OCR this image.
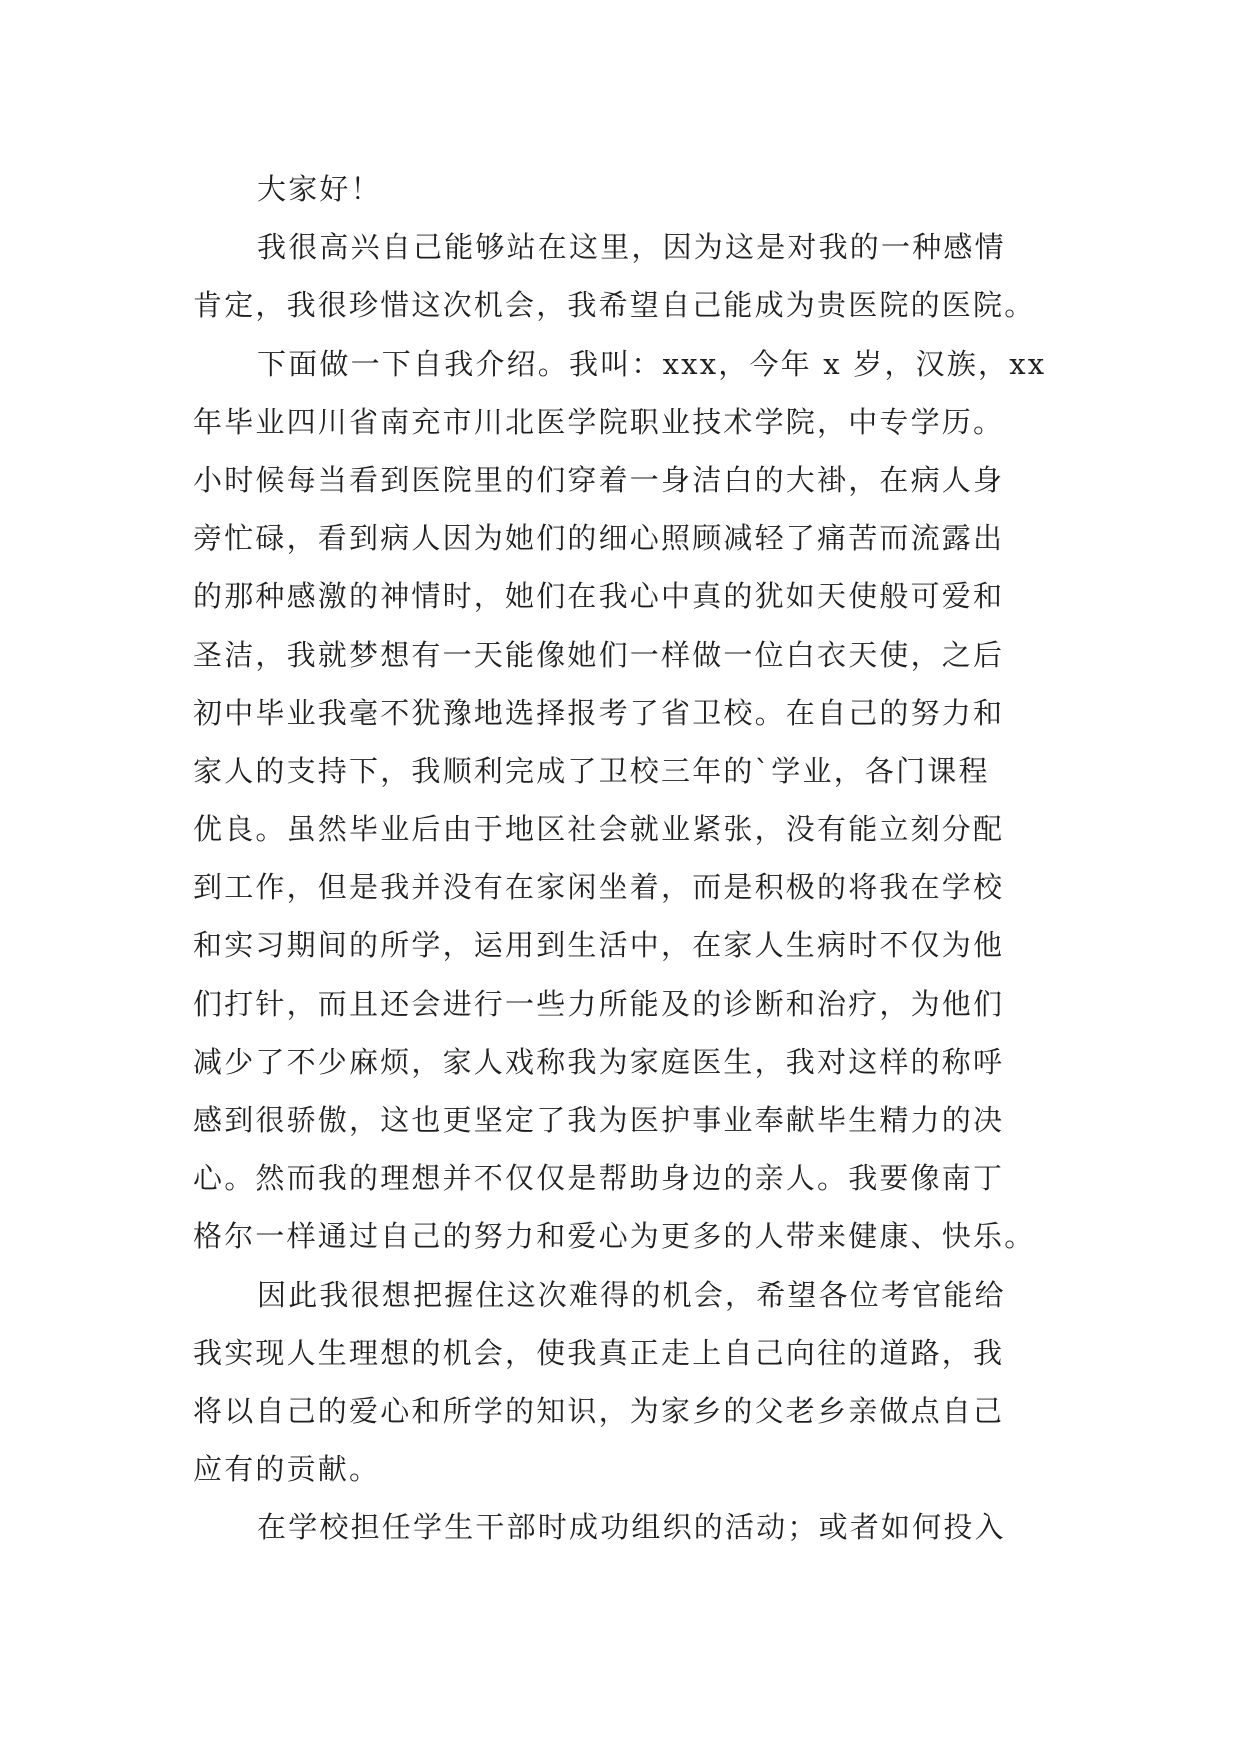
大家好！
我很高兴自己能够站在这里，因为这是对我的一种感情
肯定，我很珍惜这次机会，我希望自己能成为贵医院的医院。
下面做一下自我介绍。我叫：xxx，今年 x 岁，汉族，xx
年毕业四川省南充市川北医学院职业技术学院，中专学历。
小时候每当看到医院里的们穿着一身洁白的大褂，在病人身
旁忙碌，看到病人因为她们的细心照顾减轻了痛苦而流露出
的那种感激的神情时，她们在我心中真的犹如天使般可爱和
圣洁，我就梦想有一天能像她们一样做一位白衣天使，之后
初中毕业我毫不犹豫地选择报考了省卫校。在自己的努力和
家人的支持下，我顺利完成了卫校三年的`学业，各门课程
优良。虽然毕业后由于地区社会就业紧张，没有能立刻分配
到工作，但是我并没有在家闲坐着，而是积极的将我在学校
和实习期间的所学，运用到生活中，在家人生病时不仅为他
们打针，而且还会进行一些力所能及的诊断和治疗，为他们
减少了不少麻烦，家人戏称我为家庭医生，我对这样的称呼
感到很骄傲，这也更坚定了我为医护事业奉献毕生精力的决
心。然而我的理想并不仅仅是帮助身边的亲人。我要像南丁
格尔一样通过自己的努力和爱心为更多的人带来健康、快乐。
因此我很想把握住这次难得的机会，希望各位考官能给
我实现人生理想的机会，使我真正走上自己向往的道路，我
将以自己的爱心和所学的知识，为家乡的父老乡亲做点自己
应有的贡献。
在学校担任学生干部时成功组织的活动；或者如何投入
